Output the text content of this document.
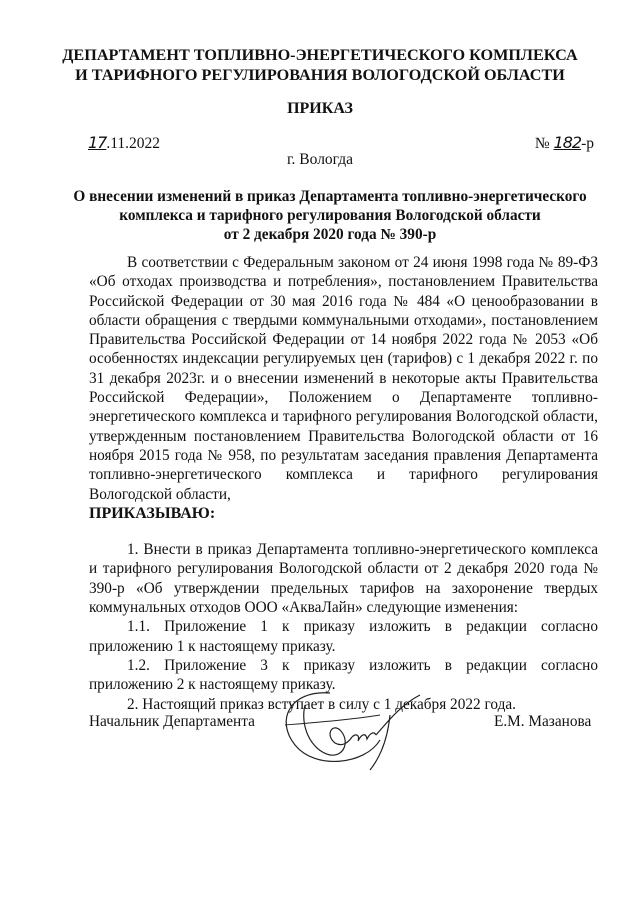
ДЕПАРТАМЕНТ ТОПЛИВНО-ЭНЕРГЕТИЧЕСКОГО КОМПЛЕКСА
И ТАРИФНОГО РЕГУЛИРОВАНИЯ ВОЛОГОДСКОЙ ОБЛАСТИ
ПРИКАЗ
17.11.2022	№ 182-р
г. Вологда
О внесении изменений в приказ Департамента топливно-энергетического
комплекса и тарифного регулирования Вологодской области
от 2 декабря 2020 года № 390-р

В соответствии с Федеральным законом от 24 июня 1998 года № 89-ФЗ «Об отходах производства и потребления», постановлением Правительства Российской Федерации от 30 мая 2016 года № 484 «О ценообразовании в области обращения с твердыми коммунальными отходами», постановлением Правительства Российской Федерации от 14 ноября 2022 года № 2053 «Об особенностях индексации регулируемых цен (тарифов) с 1 декабря 2022 г. по 31 декабря 2023г. и о внесении изменений в некоторые акты Правительства Российской Федерации», Положением о Департаменте топливно-энергетического комплекса и тарифного регулирования Вологодской области, утвержденным постановлением Правительства Вологодской области от 16 ноября 2015 года № 958, по результатам заседания правления Департамента топливно-энергетического комплекса и тарифного регулирования Вологодской области,

ПРИКАЗЫВАЮ:

1. Внести в приказ Департамента топливно-энергетического комплекса и тарифного регулирования Вологодской области от 2 декабря 2020 года № 390-р «Об утверждении предельных тарифов на захоронение твердых коммунальных отходов ООО «АкваЛайн» следующие изменения:

1.1. Приложение 1 к приказу изложить в редакции согласно приложению 1 к настоящему приказу.

1.2. Приложение 3 к приказу изложить в редакции согласно приложению 2 к настоящему приказу.

2. Настоящий приказ вступает в силу с 1 декабря 2022 года.

Начальник Департамента	Е.М. Мазанова
